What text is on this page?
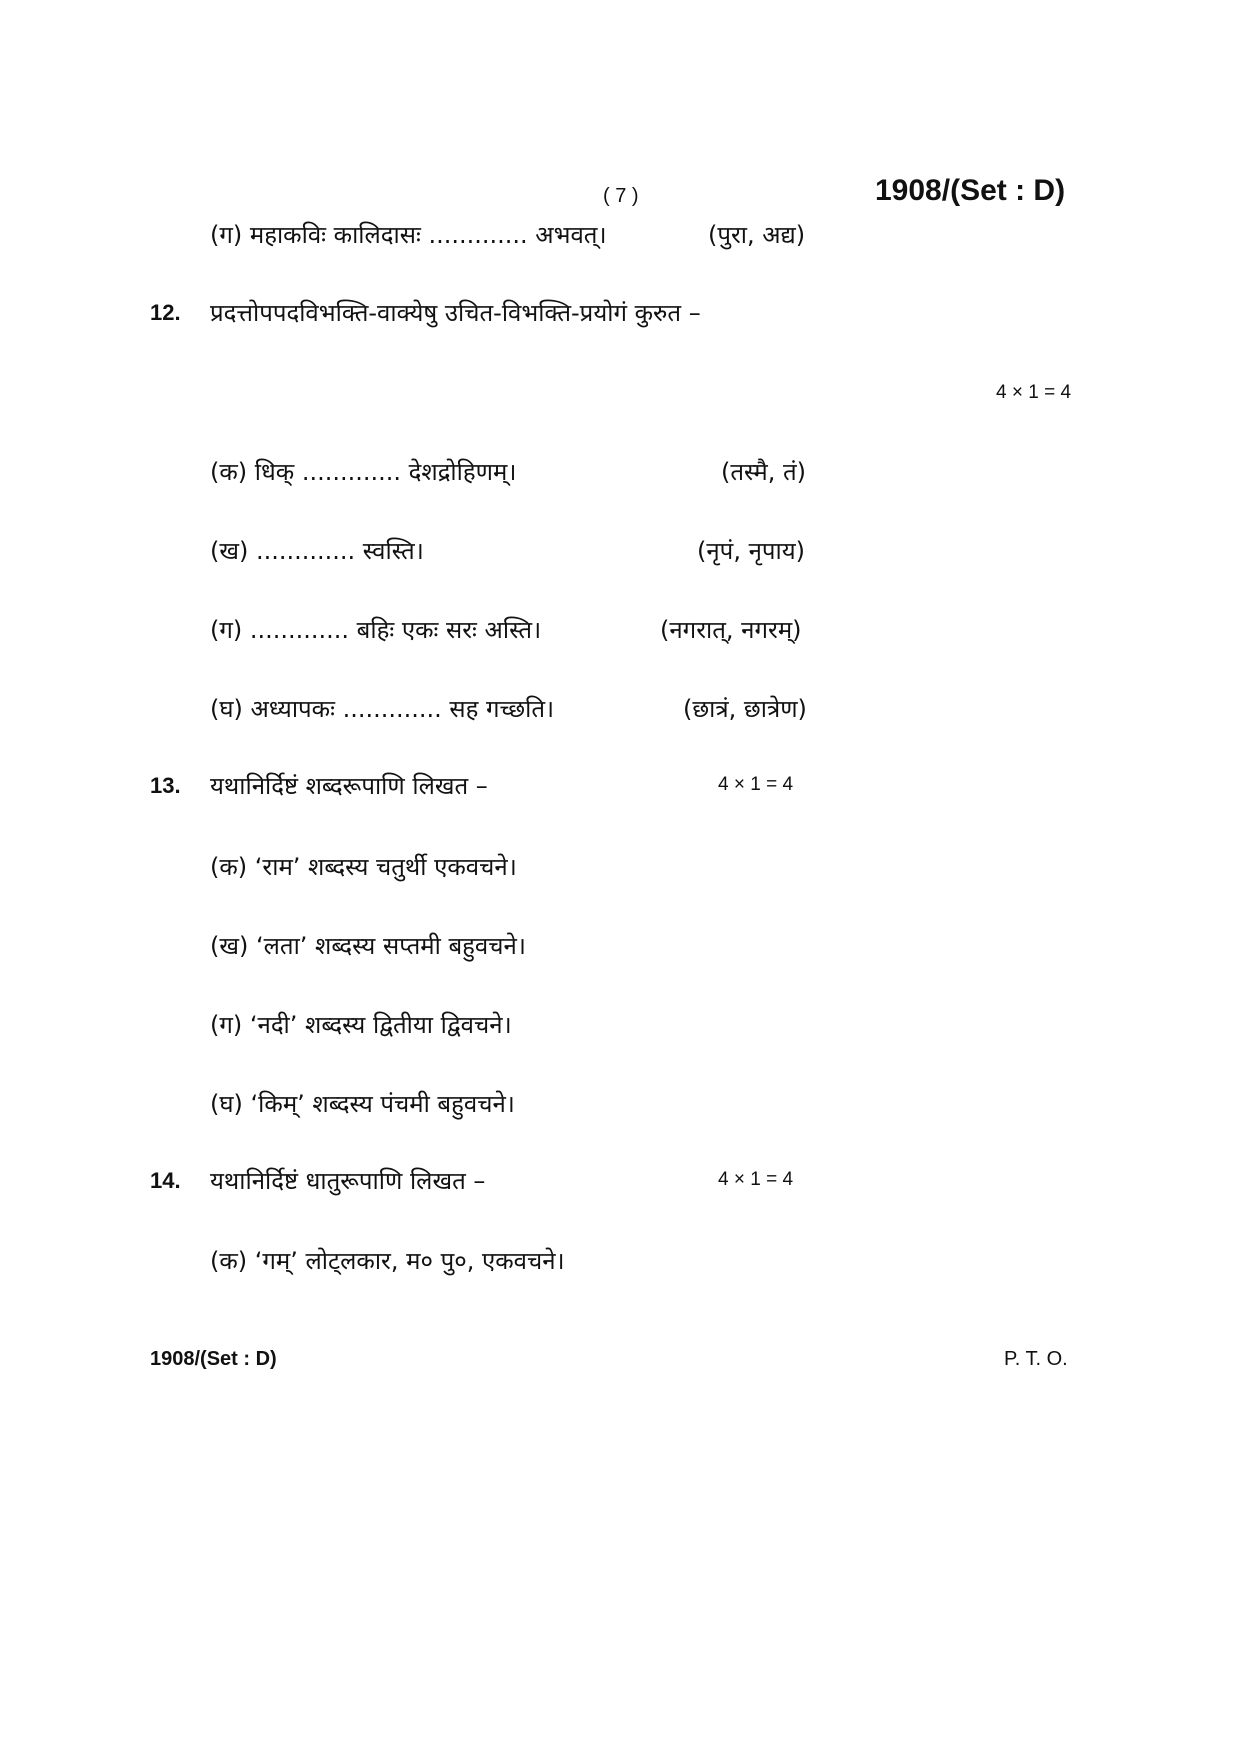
( 7 )	1908/(Set : D)
(ग) महाकविः कालिदासः ............. अभवत्।	(पुरा, अद्य)
12. प्रदत्तोपपदविभक्ति-वाक्येषु उचित-विभक्ति-प्रयोगं कुरुत –
4 × 1 = 4
(क) धिक् ............. देशद्रोहिणम्।	(तस्मै, तं)
(ख) ............. स्वस्ति।	(नृपं, नृपाय)
(ग) ............. बहिः एकः सरः अस्ति।	(नगरात्, नगरम्)
(घ) अध्यापकः ............. सह गच्छति।	(छात्रं, छात्रेण)
13. यथानिर्दिष्टं शब्दरूपाणि लिखत –	4 × 1 = 4
(क) ‘राम’ शब्दस्य चतुर्थी एकवचने।
(ख) ‘लता’ शब्दस्य सप्तमी बहुवचने।
(ग) ‘नदी’ शब्दस्य द्वितीया द्विवचने।
(घ) ‘किम्’ शब्दस्य पंचमी बहुवचने।
14. यथानिर्दिष्टं धातुरूपाणि लिखत –	4 × 1 = 4
(क) ‘गम्’ लोट्लकार, म० पु०, एकवचने।
1908/(Set : D)	P. T. O.
